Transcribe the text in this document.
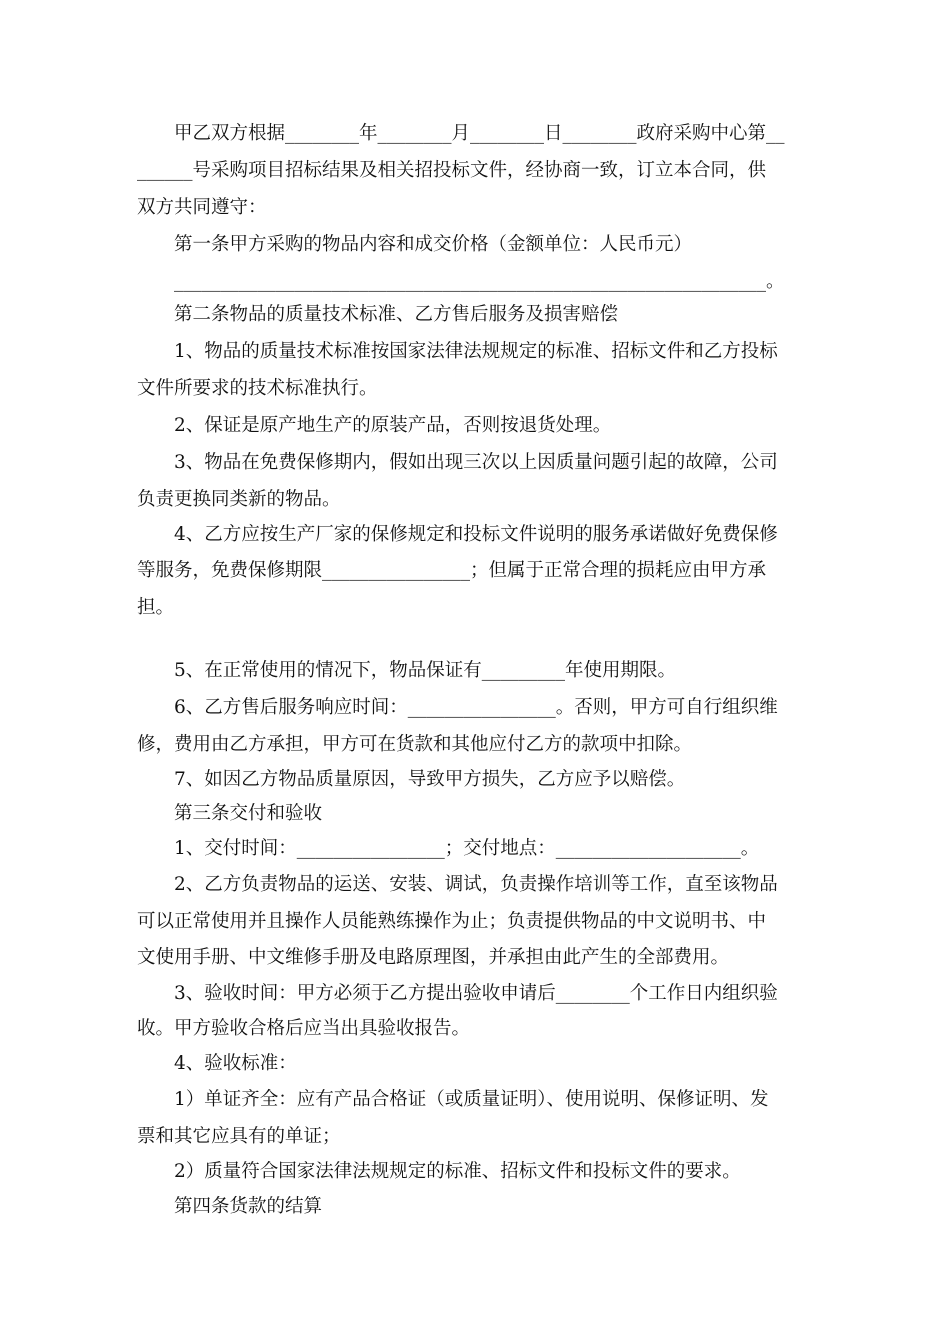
甲乙双方根据________年________月________日________政府采购中心第__
______号采购项目招标结果及相关招投标文件，经协商一致，订立本合同，供
双方共同遵守：
第一条甲方采购的物品内容和成交价格（金额单位：人民币元）
________________________________________________________________。
第二条物品的质量技术标准、乙方售后服务及损害赔偿
1、物品的质量技术标准按国家法律法规规定的标准、招标文件和乙方投标
文件所要求的技术标准执行。
2、保证是原产地生产的原装产品，否则按退货处理。
3、物品在免费保修期内，假如出现三次以上因质量问题引起的故障，公司
负责更换同类新的物品。
4、乙方应按生产厂家的保修规定和投标文件说明的服务承诺做好免费保修
等服务，免费保修期限________________；但属于正常合理的损耗应由甲方承
担。
5、在正常使用的情况下，物品保证有_________年使用期限。
6、乙方售后服务响应时间：________________。否则，甲方可自行组织维
修，费用由乙方承担，甲方可在货款和其他应付乙方的款项中扣除。
7、如因乙方物品质量原因，导致甲方损失，乙方应予以赔偿。
第三条交付和验收
1、交付时间：________________；交付地点：____________________。
2、乙方负责物品的运送、安装、调试，负责操作培训等工作，直至该物品
可以正常使用并且操作人员能熟练操作为止；负责提供物品的中文说明书、中
文使用手册、中文维修手册及电路原理图，并承担由此产生的全部费用。
3、验收时间：甲方必须于乙方提出验收申请后________个工作日内组织验
收。甲方验收合格后应当出具验收报告。
4、验收标准：
1）单证齐全：应有产品合格证（或质量证明）、使用说明、保修证明、发
票和其它应具有的单证；
2）质量符合国家法律法规规定的标准、招标文件和投标文件的要求。
第四条货款的结算
